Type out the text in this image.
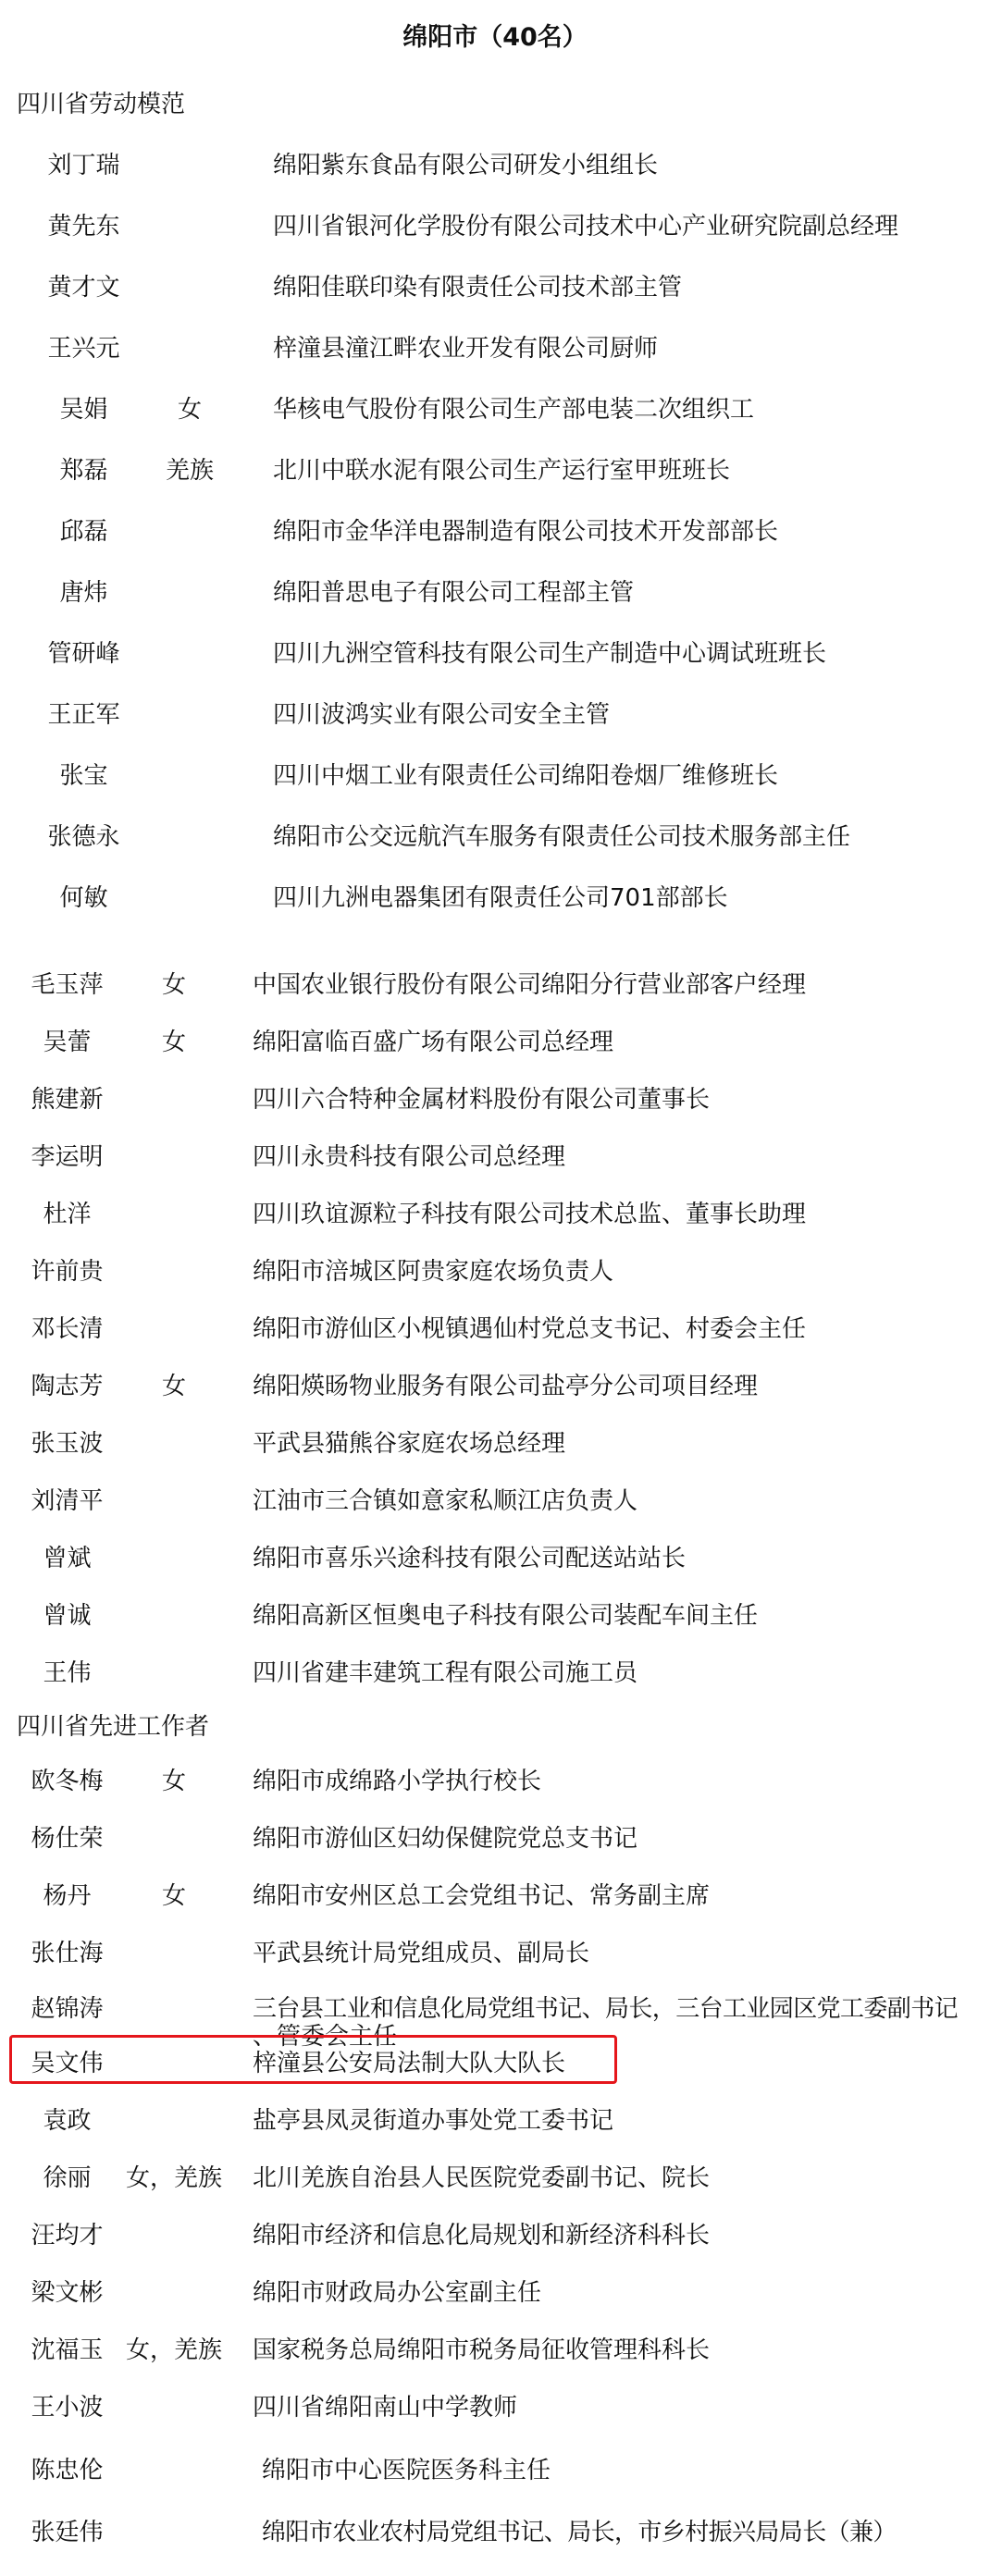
绵阳市（40名）
四川省劳动模范
刘丁瑞	绵阳紫东食品有限公司研发小组组长
黄先东	四川省银河化学股份有限公司技术中心产业研究院副总经理
黄才文	绵阳佳联印染有限责任公司技术部主管
王兴元	梓潼县潼江畔农业开发有限公司厨师
吴娟	女	华核电气股份有限公司生产部电装二次组织工
郑磊	羌族	北川中联水泥有限公司生产运行室甲班班长
邱磊	绵阳市金华洋电器制造有限公司技术开发部部长
唐炜	绵阳普思电子有限公司工程部主管
管研峰	四川九洲空管科技有限公司生产制造中心调试班班长
王正军	四川波鸿实业有限公司安全主管
张宝	四川中烟工业有限责任公司绵阳卷烟厂维修班长
张德永	绵阳市公交远航汽车服务有限责任公司技术服务部主任
何敏	四川九洲电器集团有限责任公司701部部长
毛玉萍	女	中国农业银行股份有限公司绵阳分行营业部客户经理
吴蕾	女	绵阳富临百盛广场有限公司总经理
熊建新	四川六合特种金属材料股份有限公司董事长
李运明	四川永贵科技有限公司总经理
杜洋	四川玖谊源粒子科技有限公司技术总监、董事长助理
许前贵	绵阳市涪城区阿贵家庭农场负责人
邓长清	绵阳市游仙区小枧镇遇仙村党总支书记、村委会主任
陶志芳	女	绵阳煐旸物业服务有限公司盐亭分公司项目经理
张玉波	平武县猫熊谷家庭农场总经理
刘清平	江油市三合镇如意家私顺江店负责人
曾斌	绵阳市喜乐兴途科技有限公司配送站站长
曾诚	绵阳高新区恒奥电子科技有限公司装配车间主任
王伟	四川省建丰建筑工程有限公司施工员
四川省先进工作者
欧冬梅	女	绵阳市成绵路小学执行校长
杨仕荣	绵阳市游仙区妇幼保健院党总支书记
杨丹	女	绵阳市安州区总工会党组书记、常务副主席
张仕海	平武县统计局党组成员、副局长
赵锦涛	三台县工业和信息化局党组书记、局长，三台工业园区党工委副书记
、管委会主任
吴文伟	梓潼县公安局法制大队大队长
袁政	盐亭县凤灵街道办事处党工委书记
徐丽	女，羌族 北川羌族自治县人民医院党委副书记、院长
汪均才	绵阳市经济和信息化局规划和新经济科科长
梁文彬	绵阳市财政局办公室副主任
沈福玉 女，羌族 国家税务总局绵阳市税务局征收管理科科长
王小波	四川省绵阳南山中学教师
陈忠伦	绵阳市中心医院医务科主任
张廷伟	绵阳市农业农村局党组书记、局长，市乡村振兴局局长（兼）
